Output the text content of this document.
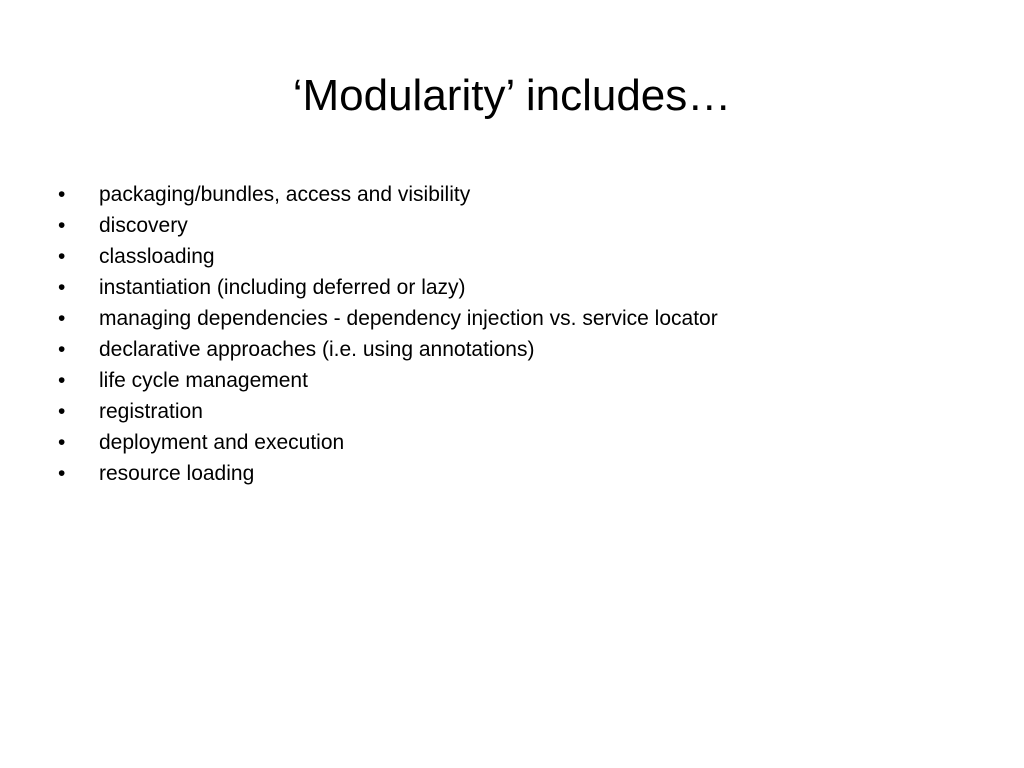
‘Modularity’ includes…
•	packaging/bundles, access and visibility
•	discovery
•	classloading
•	instantiation (including deferred or lazy)
•	managing dependencies - dependency injection vs. service locator
•	declarative approaches (i.e. using annotations)
•	life cycle management
•	registration
•	deployment and execution
•	resource loading
